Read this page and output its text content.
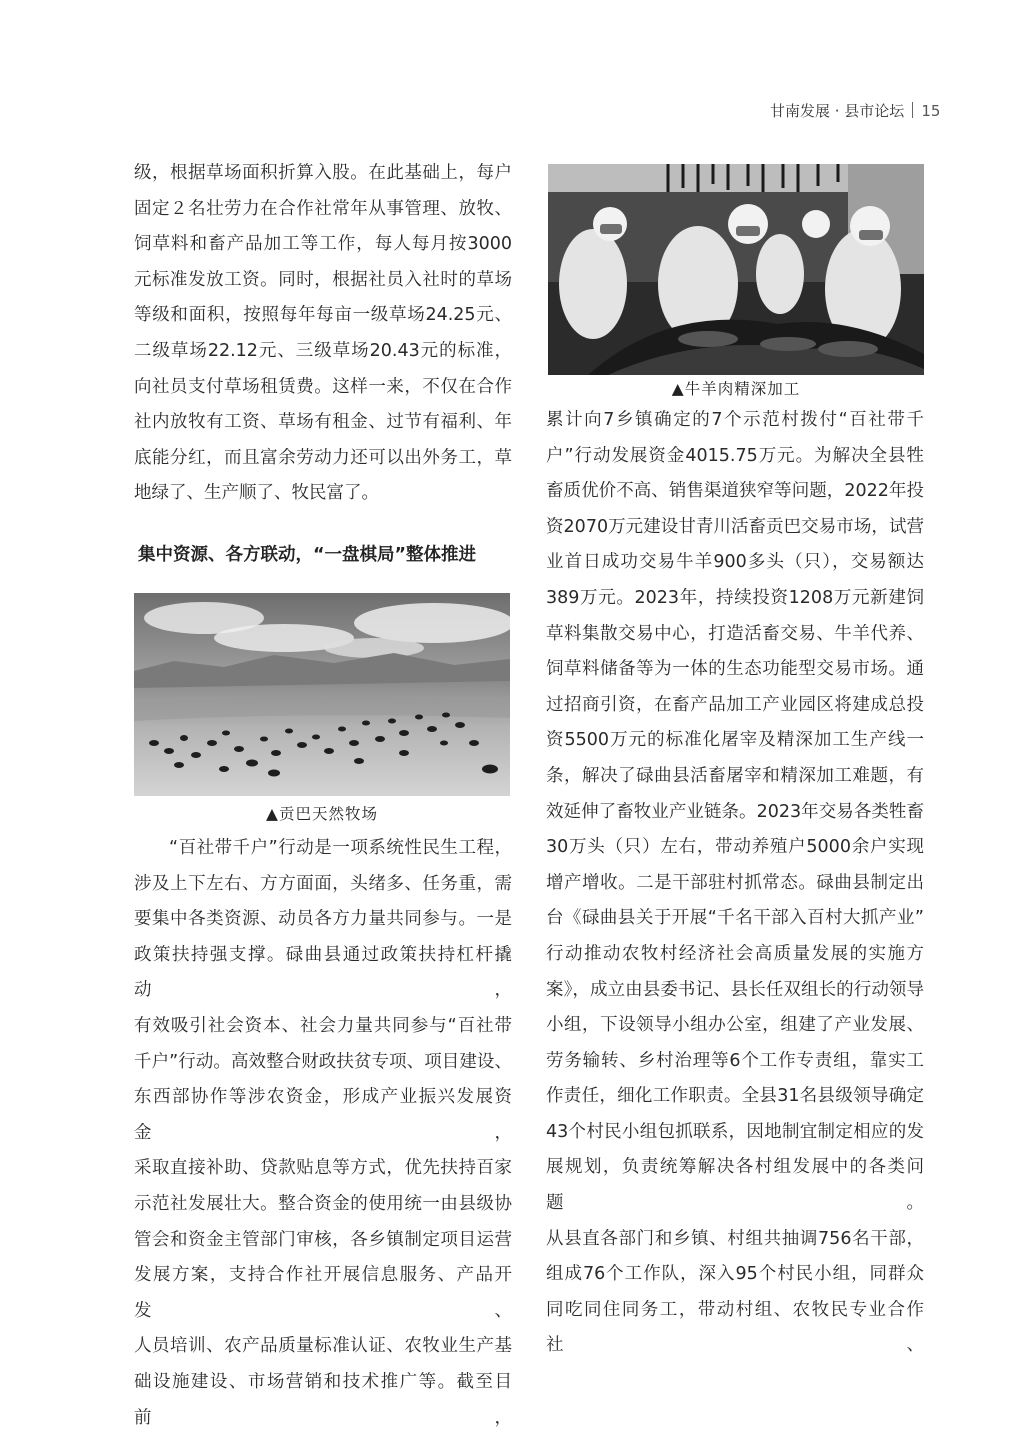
甘南发展 · 县市论坛 15

级，根据草场面积折算入股。在此基础上，每户

固定２名壮劳力在合作社常年从事管理、放牧、

饲草料和畜产品加工等工作，每人每月按3000

元标准发放工资。同时，根据社员入社时的草场

等级和面积，按照每年每亩一级草场24.25元、

二级草场22.12元、三级草场20.43元的标准，

向社员支付草场租赁费。这样一来，不仅在合作

社内放牧有工资、草场有租金、过节有福利、年

底能分红，而且富余劳动力还可以出外务工，草

地绿了、生产顺了、牧民富了。

集中资源、各方联动，“一盘棋局”整体推进
▲贡巴天然牧场

“百社带千户”行动是一项系统性民生工程，

涉及上下左右、方方面面，头绪多、任务重，需

要集中各类资源、动员各方力量共同参与。一是

政策扶持强支撑。碌曲县通过政策扶持杠杆撬动，

有效吸引社会资本、社会力量共同参与“百社带

千户”行动。高效整合财政扶贫专项、项目建设、

东西部协作等涉农资金，形成产业振兴发展资金，

采取直接补助、贷款贴息等方式，优先扶持百家

示范社发展壮大。整合资金的使用统一由县级协

管会和资金主管部门审核，各乡镇制定项目运营

发展方案，支持合作社开展信息服务、产品开发、

人员培训、农产品质量标准认证、农牧业生产基

础设施建设、市场营销和技术推广等。截至目前，

▲牛羊肉精深加工

累计向7乡镇确定的7个示范村拨付“百社带千

户”行动发展资金4015.75万元。为解决全县牲

畜质优价不高、销售渠道狭窄等问题，2022年投

资2070万元建设甘青川活畜贡巴交易市场，试营

业首日成功交易牛羊900多头（只），交易额达

389万元。2023年，持续投资1208万元新建饲

草料集散交易中心，打造活畜交易、牛羊代养、

饲草料储备等为一体的生态功能型交易市场。通

过招商引资，在畜产品加工产业园区将建成总投

资5500万元的标准化屠宰及精深加工生产线一

条，解决了碌曲县活畜屠宰和精深加工难题，有

效延伸了畜牧业产业链条。2023年交易各类牲畜

30万头（只）左右，带动养殖户5000余户实现

增产增收。二是干部驻村抓常态。碌曲县制定出

台《碌曲县关于开展“千名干部入百村大抓产业”

行动推动农牧村经济社会高质量发展的实施方

案》，成立由县委书记、县长任双组长的行动领导

小组，下设领导小组办公室，组建了产业发展、

劳务输转、乡村治理等6个工作专责组，靠实工

作责任，细化工作职责。全县31名县级领导确定

43个村民小组包抓联系，因地制宜制定相应的发

展规划，负责统筹解决各村组发展中的各类问题。

从县直各部门和乡镇、村组共抽调756名干部，

组成76个工作队，深入95个村民小组，同群众

同吃同住同务工，带动村组、农牧民专业合作社、
